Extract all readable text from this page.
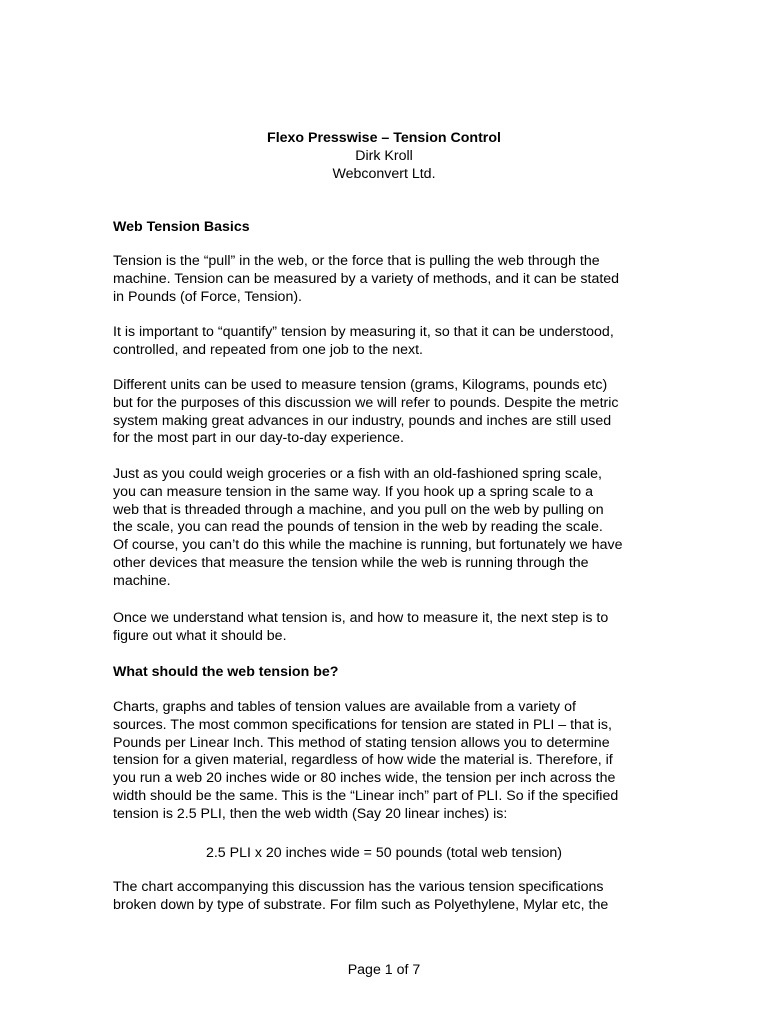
Flexo Presswise – Tension Control
Dirk Kroll
Webconvert Ltd.
Web Tension Basics
Tension is the “pull” in the web, or the force that is pulling the web through the
machine. Tension can be measured by a variety of methods, and it can be stated
in Pounds (of Force, Tension).
It is important to “quantify” tension by measuring it, so that it can be understood,
controlled, and repeated from one job to the next.
Different units can be used to measure tension (grams, Kilograms, pounds etc)
but for the purposes of this discussion we will refer to pounds. Despite the metric
system making great advances in our industry, pounds and inches are still used
for the most part in our day-to-day experience.
Just as you could weigh groceries or a fish with an old-fashioned spring scale,
you can measure tension in the same way. If you hook up a spring scale to a
web that is threaded through a machine, and you pull on the web by pulling on
the scale, you can read the pounds of tension in the web by reading the scale.
Of course, you can’t do this while the machine is running, but fortunately we have
other devices that measure the tension while the web is running through the
machine.
Once we understand what tension is, and how to measure it, the next step is to
figure out what it should be.
What should the web tension be?
Charts, graphs and tables of tension values are available from a variety of
sources. The most common specifications for tension are stated in PLI – that is,
Pounds per Linear Inch. This method of stating tension allows you to determine
tension for a given material, regardless of how wide the material is. Therefore, if
you run a web 20 inches wide or 80 inches wide, the tension per inch across the
width should be the same. This is the “Linear inch” part of PLI. So if the specified
tension is 2.5 PLI, then the web width (Say 20 linear inches) is:
2.5 PLI x 20 inches wide = 50 pounds (total web tension)
The chart accompanying this discussion has the various tension specifications
broken down by type of substrate. For film such as Polyethylene, Mylar etc, the
Page 1 of 7
